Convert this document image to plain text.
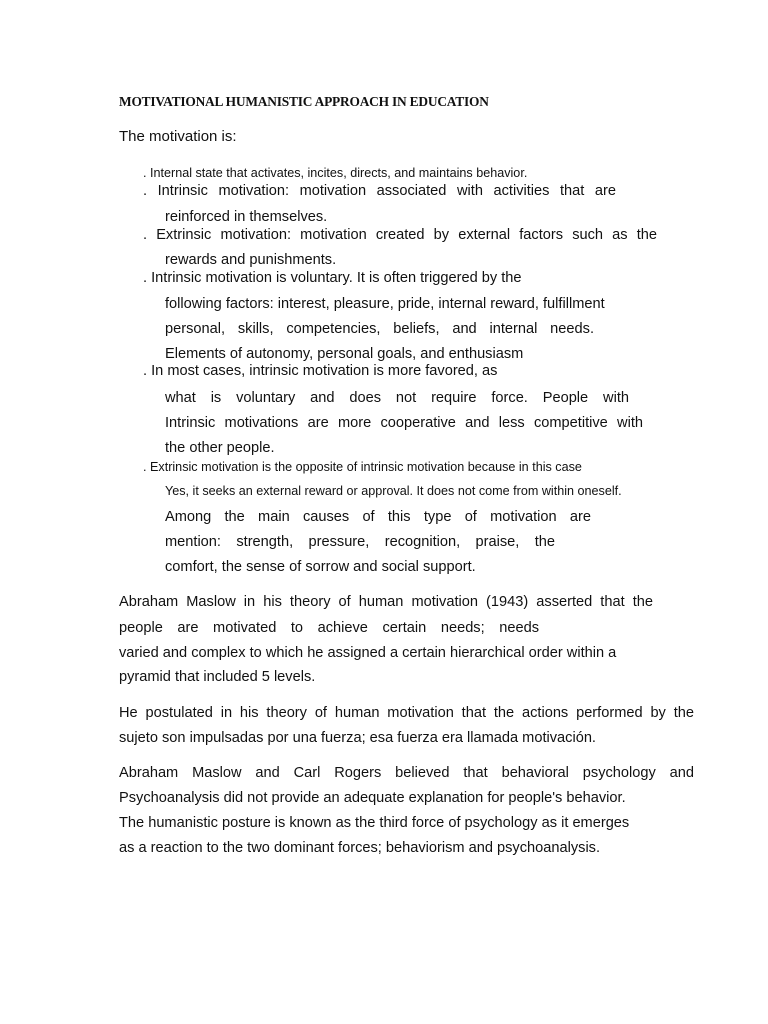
MOTIVATIONAL HUMANISTIC APPROACH IN EDUCATION
The motivation is:
. Internal state that activates, incites, directs, and maintains behavior.
. Intrinsic motivation: motivation associated with activities that are
reinforced in themselves.
. Extrinsic motivation: motivation created by external factors such as the
rewards and punishments.
. Intrinsic motivation is voluntary. It is often triggered by the
following factors: interest, pleasure, pride, internal reward, fulfillment
personal, skills, competencies, beliefs, and internal needs.
Elements of autonomy, personal goals, and enthusiasm
. In most cases, intrinsic motivation is more favored, as
what is voluntary and does not require force. People with
Intrinsic motivations are more cooperative and less competitive with
the other people.
. Extrinsic motivation is the opposite of intrinsic motivation because in this case
Yes, it seeks an external reward or approval. It does not come from within oneself.
Among the main causes of this type of motivation are
mention: strength, pressure, recognition, praise, the
comfort, the sense of sorrow and social support.
Abraham Maslow in his theory of human motivation (1943) asserted that the
people are motivated to achieve certain needs; needs
varied and complex to which he assigned a certain hierarchical order within a
pyramid that included 5 levels.
He postulated in his theory of human motivation that the actions performed by the
sujeto son impulsadas por una fuerza; esa fuerza era llamada motivación.
Abraham Maslow and Carl Rogers believed that behavioral psychology and
Psychoanalysis did not provide an adequate explanation for people's behavior.
The humanistic posture is known as the third force of psychology as it emerges
as a reaction to the two dominant forces; behaviorism and psychoanalysis.
